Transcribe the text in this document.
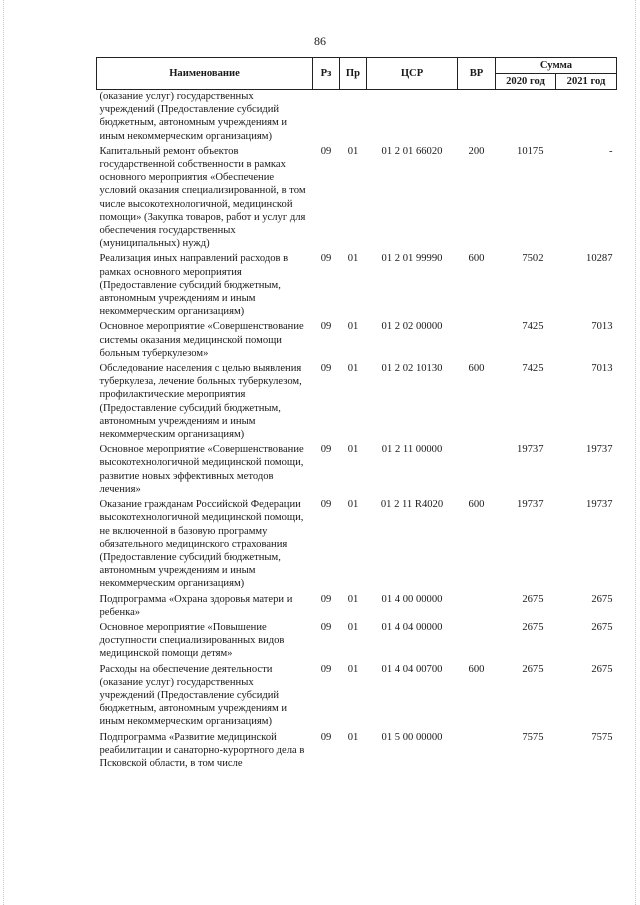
86
Наименование	Рз	Пр	ЦСР	ВР	Сумма	
					2020 год	2021 год
(оказание услуг) государственных учреждений (Предоставление субсидий бюджетным, автономным учреждениям и иным некоммерческим организациям)						
Капитальный ремонт объектов государственной собственности в рамках основного мероприятия «Обеспечение условий оказания специализированной, в том числе высокотехнологичной, медицинской помощи» (Закупка товаров, работ и услуг для обеспечения государственных (муниципальных) нужд)	09	01	01 2 01 66020	200	10175	-
Реализация иных направлений расходов в рамках основного мероприятия (Предоставление субсидий бюджетным, автономным учреждениям и иным некоммерческим организациям)	09	01	01 2 01 99990	600	7502	10287
Основное мероприятие «Совершенствование системы оказания медицинской помощи больным туберкулезом»	09	01	01 2 02 00000		7425	7013
Обследование населения с целью выявления туберкулеза, лечение больных туберкулезом, профилактические мероприятия (Предоставление субсидий бюджетным, автономным учреждениям и иным некоммерческим организациям)	09	01	01 2 02 10130	600	7425	7013
Основное мероприятие «Совершенствование высокотехнологичной медицинской помощи, развитие новых эффективных методов лечения»	09	01	01 2 11 00000		19737	19737
Оказание гражданам Российской Федерации высокотехнологичной медицинской помощи, не включенной в базовую программу обязательного медицинского страхования (Предоставление субсидий бюджетным, автономным учреждениям и иным некоммерческим организациям)	09	01	01 2 11 R4020	600	19737	19737
Подпрограмма «Охрана здоровья матери и ребенка»	09	01	01 4 00 00000		2675	2675
Основное мероприятие «Повышение доступности специализированных видов медицинской помощи детям»	09	01	01 4 04 00000		2675	2675
Расходы на обеспечение деятельности (оказание услуг) государственных учреждений (Предоставление субсидий бюджетным, автономным учреждениям и иным некоммерческим организациям)	09	01	01 4 04 00700	600	2675	2675
Подпрограмма «Развитие медицинской реабилитации и санаторно-курортного дела в Псковской области, в том числе	09	01	01 5 00 00000		7575	7575
